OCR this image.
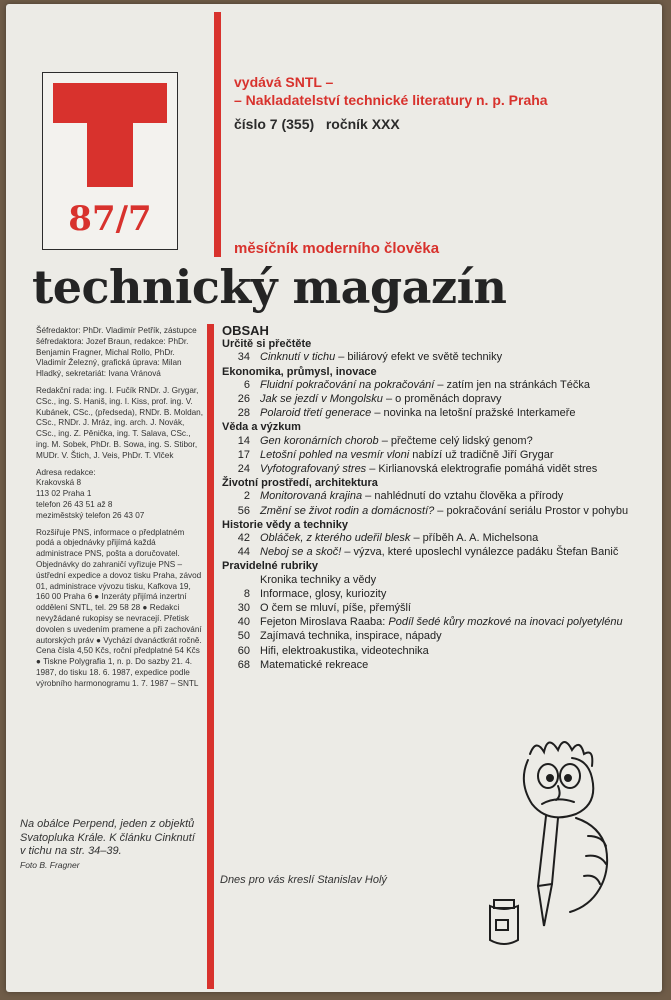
87/7
vydává SNTL –
– Nakladatelství technické literatury n. p. Praha
číslo 7 (355)   ročník XXX
měsíčník moderního člověka
technický magazín

Šéfredaktor: PhDr. Vladimír Petřík, zástupce šéfredaktora: Jozef Braun, redakce: PhDr. Benjamin Fragner, Michal Rollo, PhDr. Vladimír Železný, grafická úprava: Milan Hladký, sekretariát: Ivana Vránová

Redakční rada: ing. I. Fučík RNDr. J. Grygar, CSc., ing. S. Haniš, ing. I. Kiss, prof. ing. V. Kubánek, CSc., (předseda), RNDr. B. Moldan, CSc., RNDr. J. Mráz, ing. arch. J. Novák, CSc., ing. Z. Pěnička, ing. T. Salava, CSc., ing. M. Sobek, PhDr. B. Sowa, ing. S. Stibor, MUDr. V. Štich, J. Veis, PhDr. T. Vlček

Adresa redakce:

Krakovská 8
113 02 Praha 1
telefon 26 43 51 až 8
meziměstský telefon 26 43 07

Rozšiřuje PNS, informace o předplatném podá a objednávky přijímá každá administrace PNS, pošta a doručovatel. Objednávky do zahraničí vyřizuje PNS – ústřední expedice a dovoz tisku Praha, závod 01, administrace vývozu tisku, Kafkova 19, 160 00 Praha 6 ● Inzeráty přijímá inzertní oddělení SNTL, tel. 29 58 28 ● Redakci nevyžádané rukopisy se nevracejí. Přetisk dovolen s uvedením pramene a při zachování autorských práv ● Vychází dvanáctkrát ročně. Cena čísla 4,50 Kčs, roční předplatné 54 Kčs ● Tiskne Polygrafia 1, n. p. Do sazby 21. 4. 1987, do tisku 18. 6. 1987, expedice podle výrobního harmonogramu 1. 7. 1987 – SNTL

Na obálce Perpend, jeden z objektů Svatopluka Krále. K článku Cinknutí v tichu na str. 34–39.
Foto B. Fragner
OBSAH
Určitě si přečtěte
34 Cinknutí v tichu – biliárový efekt ve světě techniky
Ekonomika, průmysl, inovace
6 Fluidní pokračování na pokračování – zatím jen na stránkách Téčka
26 Jak se jezdí v Mongolsku – o proměnách dopravy
28 Polaroid třetí generace – novinka na letošní pražské Interkameře
Věda a výzkum
14 Gen koronárních chorob – přečteme celý lidský genom?
17 Letošní pohled na vesmír vloni nabízí už tradičně Jiří Grygar
24 Vyfotografovaný stres – Kirlianovská elektrografie pomáhá vidět stres
Životní prostředí, architektura
2 Monitorovaná krajina – nahlédnutí do vztahu člověka a přírody
56 Změní se život rodin a domácností? – pokračování seriálu Prostor v pohybu
Historie vědy a techniky
42 Obláček, z kterého udeřil blesk – příběh A. A. Michelsona
44 Neboj se a skoč! – výzva, které uposlechl vynálezce padáku Štefan Banič
Pravidelné rubriky
Kronika techniky a vědy
8 Informace, glosy, kuriozity
30 O čem se mluví, píše, přemýšlí
40 Fejeton Miroslava Raaba: Podíl šedé kůry mozkové na inovaci polyetylénu
50 Zajímavá technika, inspirace, nápady
60 Hifi, elektroakustika, videotechnika
68 Matematické rekreace
Dnes pro vás kreslí Stanislav Holý
